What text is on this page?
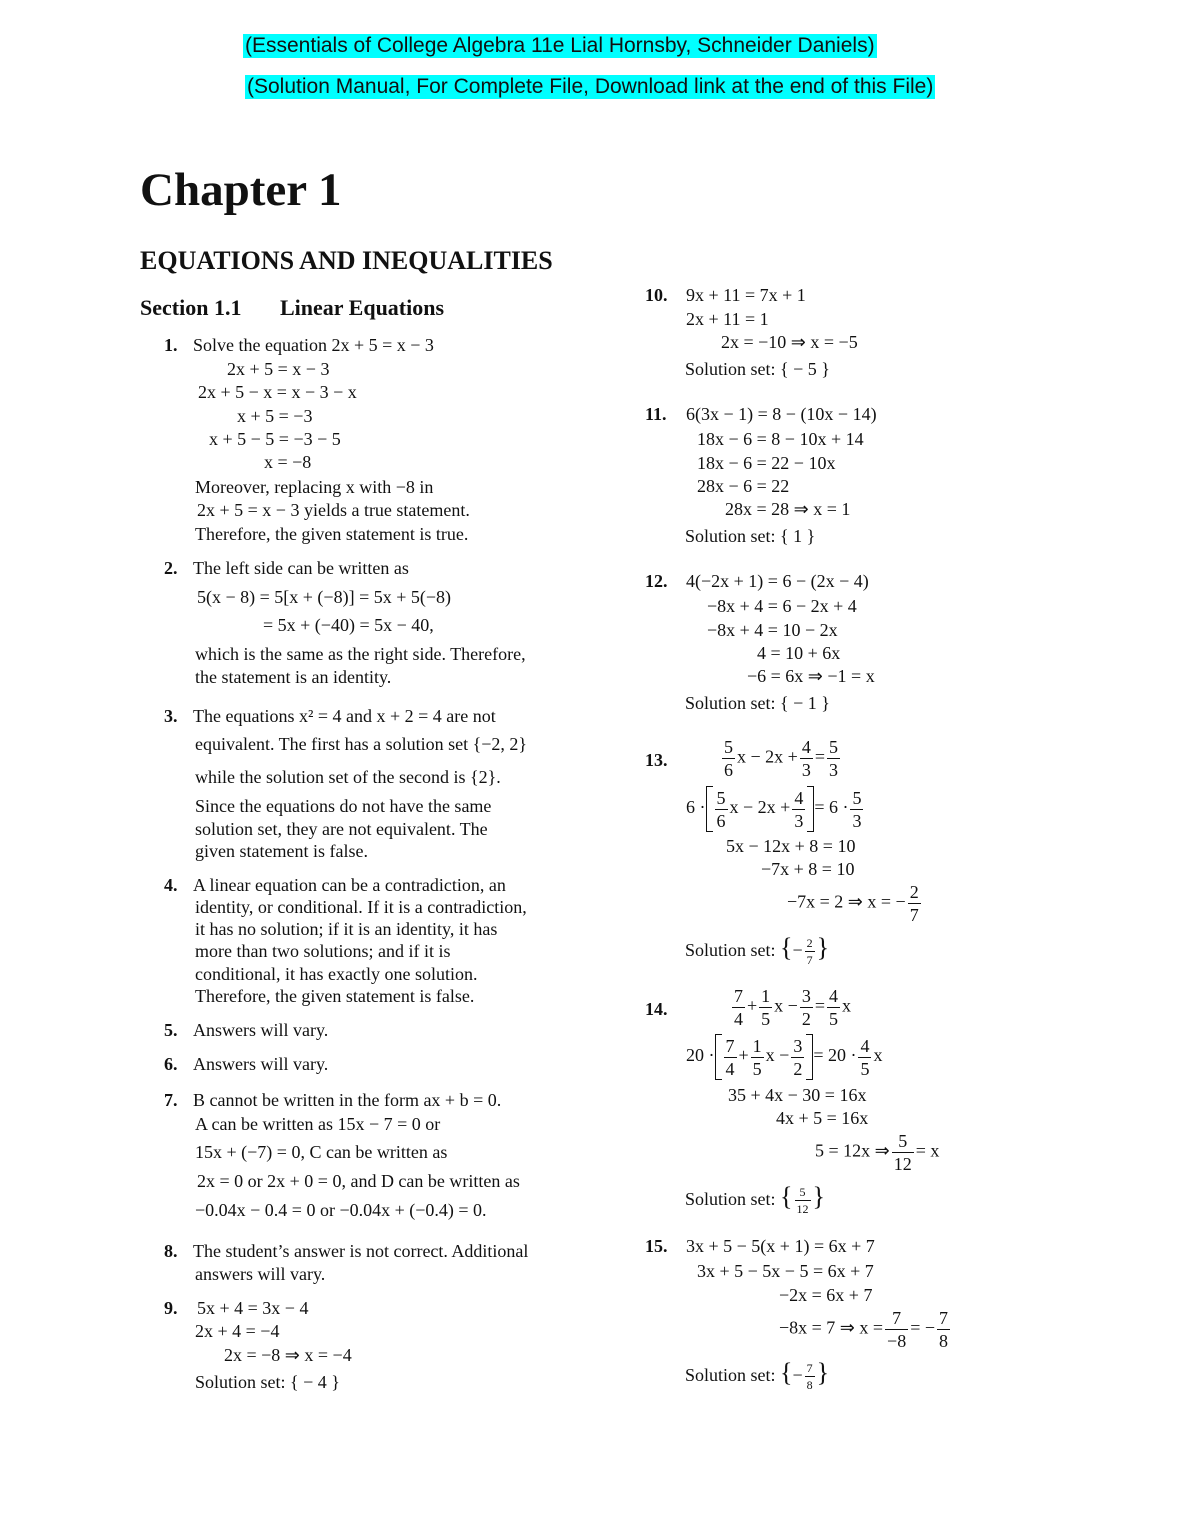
(Essentials of College Algebra 11e Lial Hornsby, Schneider Daniels)
(Solution Manual, For Complete File, Download link at the end of this File)
Chapter 1
EQUATIONS AND INEQUALITIES
Section 1.1 Linear Equations
1. Solve the equation 2x + 5 = x − 3
2x + 5 = x − 3
2x + 5 − x = x − 3 − x
x + 5 = −3
x + 5 − 5 = −3 − 5
x = −8
Moreover, replacing x with −8 in
2x + 5 = x − 3 yields a true statement.
Therefore, the given statement is true.
2. The left side can be written as
5(x − 8) = 5[x + (−8)] = 5x + 5(−8)
= 5x + (−40) = 5x − 40,
which is the same as the right side. Therefore,
the statement is an identity.
3. The equations x² = 4 and x + 2 = 4 are not
equivalent. The first has a solution set {−2, 2}
while the solution set of the second is {2}.
Since the equations do not have the same
solution set, they are not equivalent. The
given statement is false.
4. A linear equation can be a contradiction, an
identity, or conditional. If it is a contradiction,
it has no solution; if it is an identity, it has
more than two solutions; and if it is
conditional, it has exactly one solution.
Therefore, the given statement is false.
5. Answers will vary.
6. Answers will vary.
7. B cannot be written in the form ax + b = 0.
A can be written as 15x − 7 = 0 or
15x + (−7) = 0, C can be written as
2x = 0 or 2x + 0 = 0, and D can be written as
−0.04x − 0.4 = 0 or −0.04x + (−0.4) = 0.
8. The student’s answer is not correct. Additional
answers will vary.
9. 5x + 4 = 3x − 4
2x + 4 = −4
2x = −8 ⇒ x = −4
Solution set: { − 4 }
10. 9x + 11 = 7x + 1
2x + 11 = 1
2x = −10 ⇒ x = −5
Solution set: { − 5 }
11. 6(3x − 1) = 8 − (10x − 14)
18x − 6 = 8 − 10x + 14
18x − 6 = 22 − 10x
28x − 6 = 22
28x = 28 ⇒ x = 1
Solution set: { 1 }
12. 4(−2x + 1) = 6 − (2x − 4)
−8x + 4 = 6 − 2x + 4
−8x + 4 = 10 − 2x
4 = 10 + 6x
−6 = 6x ⇒ −1 = x
Solution set: { − 1 }
13.	$\frac{5}{6}$ $x - 2x + \frac{4}{3} = \frac{5}{3}$
$6 \cdot \frac{5}{6}$ $x - 2x + \frac{4}{3} = 6 \cdot \frac{5}{3}$
5x − 12x + 8 = 10
−7x + 8 = 10
−7x = 2 ⇒ x = − $\frac{2}{7}$
Solution set: {− $\frac{2}{7}$ }
14.	$\frac{7}{4} + \frac{1}{5}$ $x - \frac{3}{2} = \frac{4}{5}$ x
$20 \cdot \frac{7}{4} + \frac{1}{5}$ $x - \frac{3}{2} = 20 \cdot \frac{4}{5}$ x
35 + 4x − 30 = 16x
4x + 5 = 16x
5 = 12x ⇒ $\frac{5}{12} = x$
Solution set: { $\frac{5}{12}$ }
15. 3x + 5 − 5(x + 1) = 6x + 7
3x + 5 − 5x − 5 = 6x + 7
−2x = 6x + 7
−8x = 7 ⇒ $x = \frac{7}{-8}$ = − $\frac{7}{8}$
Solution set: {− $\frac{7}{8}$ }
